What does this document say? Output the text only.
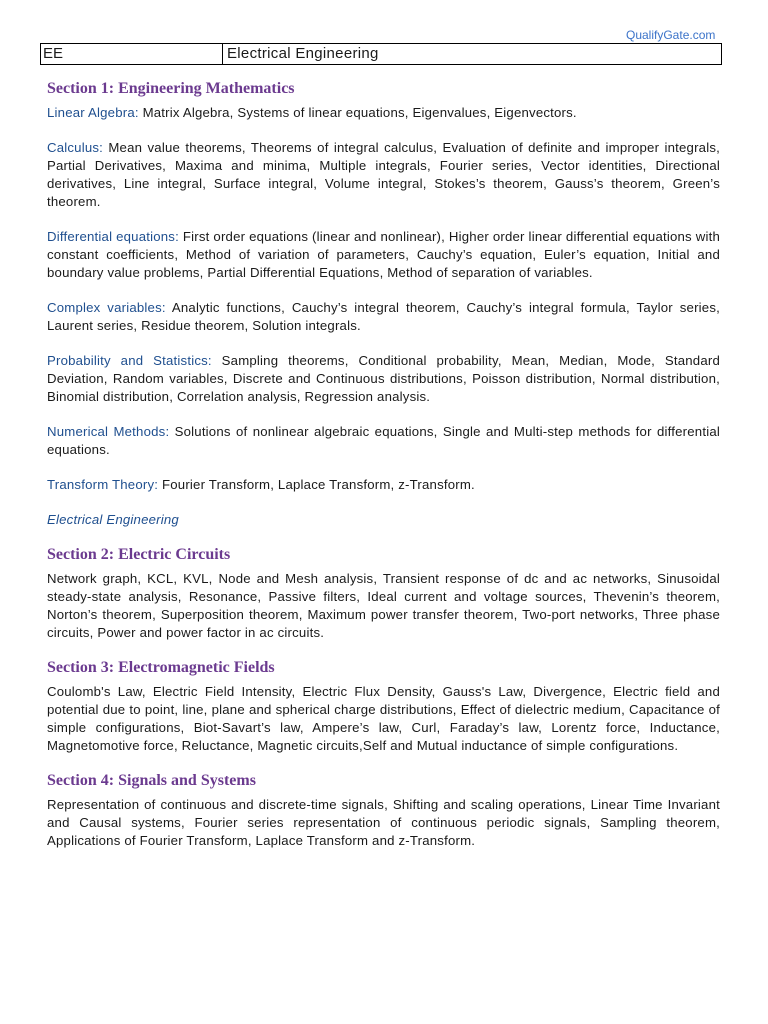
QualifyGate.com
EE	Electrical Engineering
Section 1: Engineering Mathematics

Linear Algebra: Matrix Algebra, Systems of linear equations, Eigenvalues, Eigenvectors.

Calculus: Mean value theorems, Theorems of integral calculus, Evaluation of definite and improper integrals, Partial Derivatives, Maxima and minima, Multiple integrals, Fourier series, Vector identities, Directional derivatives, Line integral, Surface integral, Volume integral, Stokes’s theorem, Gauss’s theorem, Green’s theorem.

Differential equations: First order equations (linear and nonlinear), Higher order linear differential equations with constant coefficients, Method of variation of parameters, Cauchy’s equation, Euler’s equation, Initial and boundary value problems, Partial Differential Equations, Method of separation of variables.

Complex variables: Analytic functions, Cauchy’s integral theorem, Cauchy’s integral formula, Taylor series, Laurent series, Residue theorem, Solution integrals.

Probability and Statistics: Sampling theorems, Conditional probability, Mean, Median, Mode, Standard Deviation, Random variables, Discrete and Continuous distributions, Poisson distribution, Normal distribution, Binomial distribution, Correlation analysis, Regression analysis.

Numerical Methods: Solutions of nonlinear algebraic equations, Single and Multi-step methods for differential equations.

Transform Theory: Fourier Transform, Laplace Transform, z-Transform.

Electrical Engineering

Section 2: Electric Circuits

Network graph, KCL, KVL, Node and Mesh analysis, Transient response of dc and ac networks, Sinusoidal steady-state analysis, Resonance, Passive filters, Ideal current and voltage sources, Thevenin’s theorem, Norton’s theorem, Superposition theorem, Maximum power transfer theorem, Two-port networks, Three phase circuits, Power and power factor in ac circuits.

Section 3: Electromagnetic Fields

Coulomb's Law, Electric Field Intensity, Electric Flux Density, Gauss's Law, Divergence, Electric field and potential due to point, line, plane and spherical charge distributions, Effect of dielectric medium, Capacitance of simple configurations, Biot-Savart’s law, Ampere’s law, Curl, Faraday’s law, Lorentz force, Inductance, Magnetomotive force, Reluctance, Magnetic circuits,Self and Mutual inductance of simple configurations.

Section 4: Signals and Systems

Representation of continuous and discrete-time signals, Shifting and scaling operations, Linear Time Invariant and Causal systems, Fourier series representation of continuous periodic signals, Sampling theorem, Applications of Fourier Transform, Laplace Transform and z-Transform.
